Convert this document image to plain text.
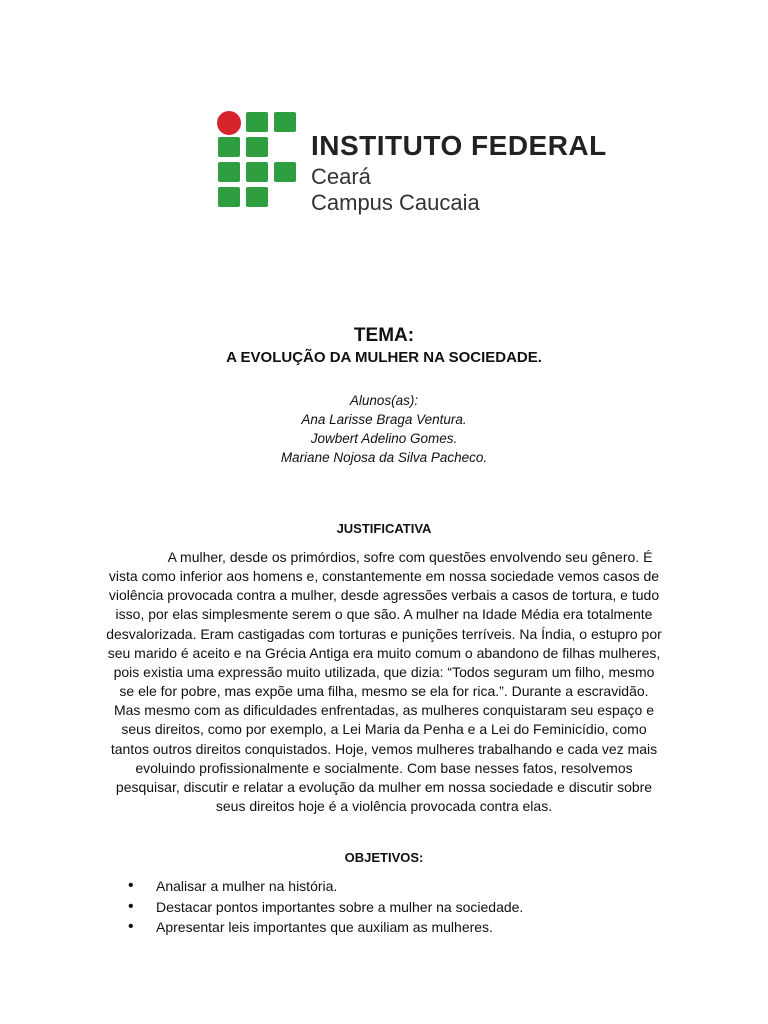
INSTITUTO FEDERAL
Ceará
Campus Caucaia
TEMA:
A EVOLUÇÃO DA MULHER NA SOCIEDADE.
Alunos(as):
Ana Larisse Braga Ventura.
Jowbert Adelino Gomes.
Mariane Nojosa da Silva Pacheco.
JUSTIFICATIVA
A mulher, desde os primórdios, sofre com questões envolvendo seu gênero. É vista como inferior aos homens e, constantemente em nossa sociedade vemos casos de violência provocada contra a mulher, desde agressões verbais a casos de tortura, e tudo isso, por elas simplesmente serem o que são. A mulher na Idade Média era totalmente desvalorizada. Eram castigadas com torturas e punições terríveis. Na Índia, o estupro por seu marido é aceito e na Grécia Antiga era muito comum o abandono de filhas mulheres, pois existia uma expressão muito utilizada, que dizia: “Todos seguram um filho, mesmo se ele for pobre, mas expõe uma filha, mesmo se ela for rica.”. Durante a escravidão. Mas mesmo com as dificuldades enfrentadas, as mulheres conquistaram seu espaço e seus direitos, como por exemplo, a Lei Maria da Penha e a Lei do Feminicídio, como tantos outros direitos conquistados. Hoje, vemos mulheres trabalhando e cada vez mais evoluindo profissionalmente e socialmente. Com base nesses fatos, resolvemos pesquisar, discutir e relatar a evolução da mulher em nossa sociedade e discutir sobre seus direitos hoje é a violência provocada contra elas.
OBJETIVOS:
• Analisar a mulher na história.
• Destacar pontos importantes sobre a mulher na sociedade.
• Apresentar leis importantes que auxiliam as mulheres.
